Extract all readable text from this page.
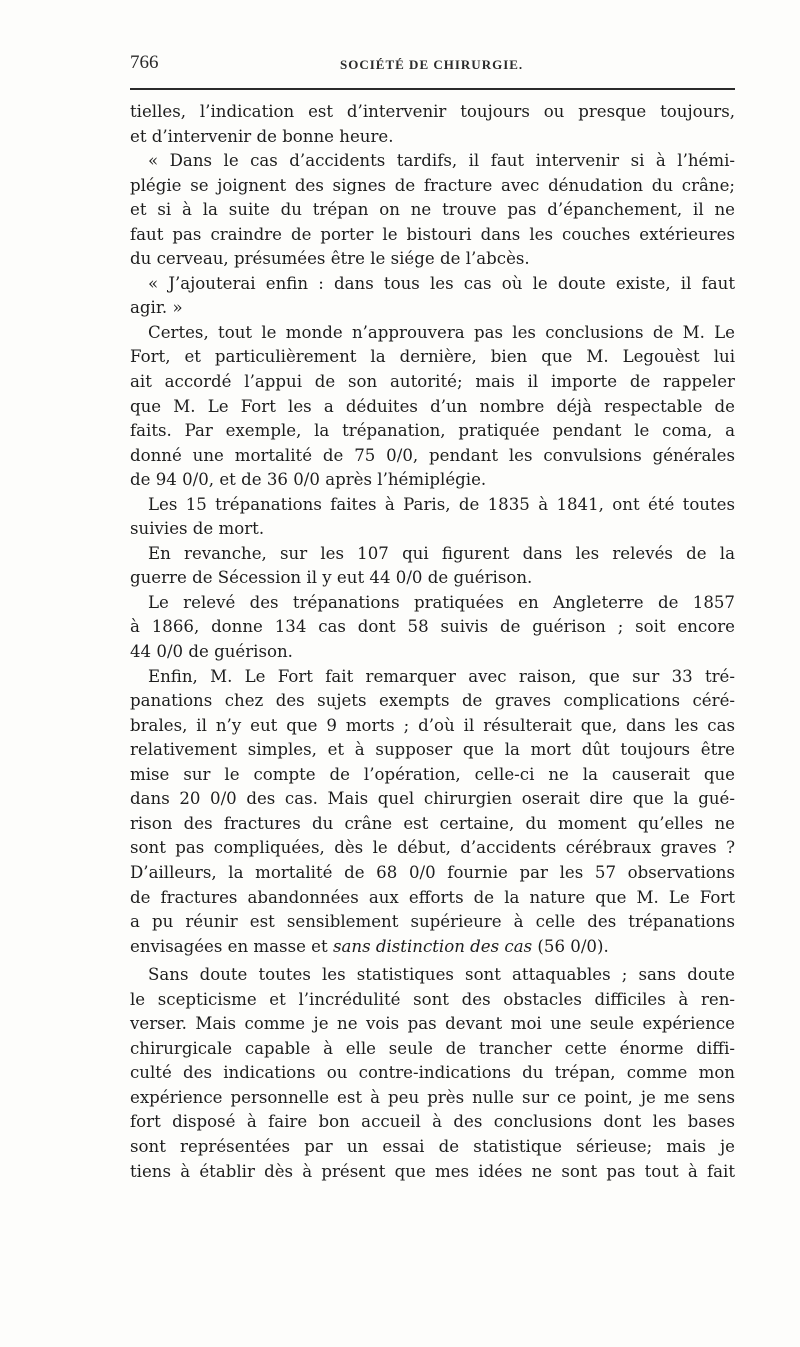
766	SOCIÉTÉ DE CHIRURGIE.
tielles, l’indication est d’intervenir toujours ou presque toujours,
et d’intervenir de bonne heure.
« Dans le cas d’accidents tardifs, il faut intervenir si à l’hémi-
plégie se joignent des signes de fracture avec dénudation du crâne;
et si à la suite du trépan on ne trouve pas d’épanchement, il ne
faut pas craindre de porter le bistouri dans les couches extérieures
du cerveau, présumées être le siége de l’abcès.
« J’ajouterai enfin : dans tous les cas où le doute existe, il faut
agir. »
Certes, tout le monde n’approuvera pas les conclusions de M. Le
Fort, et particulièrement la dernière, bien que M. Legouèst lui
ait accordé l’appui de son autorité; mais il importe de rappeler
que M. Le Fort les a déduites d’un nombre déjà respectable de
faits. Par exemple, la trépanation, pratiquée pendant le coma, a
donné une mortalité de 75 0/0, pendant les convulsions générales
de 94 0/0, et de 36 0/0 après l’hémiplégie.
Les 15 trépanations faites à Paris, de 1835 à 1841, ont été toutes
suivies de mort.
En revanche, sur les 107 qui figurent dans les relevés de la
guerre de Sécession il y eut 44 0/0 de guérison.
Le relevé des trépanations pratiquées en Angleterre de 1857
à 1866, donne 134 cas dont 58 suivis de guérison ; soit encore
44 0/0 de guérison.
Enfin, M. Le Fort fait remarquer avec raison, que sur 33 tré-
panations chez des sujets exempts de graves complications céré-
brales, il n’y eut que 9 morts ; d’où il résulterait que, dans les cas
relativement simples, et à supposer que la mort dût toujours être
mise sur le compte de l’opération, celle-ci ne la causerait que
dans 20 0/0 des cas. Mais quel chirurgien oserait dire que la gué-
rison des fractures du crâne est certaine, du moment qu’elles ne
sont pas compliquées, dès le début, d’accidents cérébraux graves ?
D’ailleurs, la mortalité de 68 0/0 fournie par les 57 observations
de fractures abandonnées aux efforts de la nature que M. Le Fort
a pu réunir est sensiblement supérieure à celle des trépanations
envisagées en masse et sans distinction des cas (56 0/0).
Sans doute toutes les statistiques sont attaquables ; sans doute
le scepticisme et l’incrédulité sont des obstacles difficiles à ren-
verser. Mais comme je ne vois pas devant moi une seule expérience
chirurgicale capable à elle seule de trancher cette énorme diffi-
culté des indications ou contre-indications du trépan, comme mon
expérience personnelle est à peu près nulle sur ce point, je me sens
fort disposé à faire bon accueil à des conclusions dont les bases
sont représentées par un essai de statistique sérieuse; mais je
tiens à établir dès à présent que mes idées ne sont pas tout à fait
